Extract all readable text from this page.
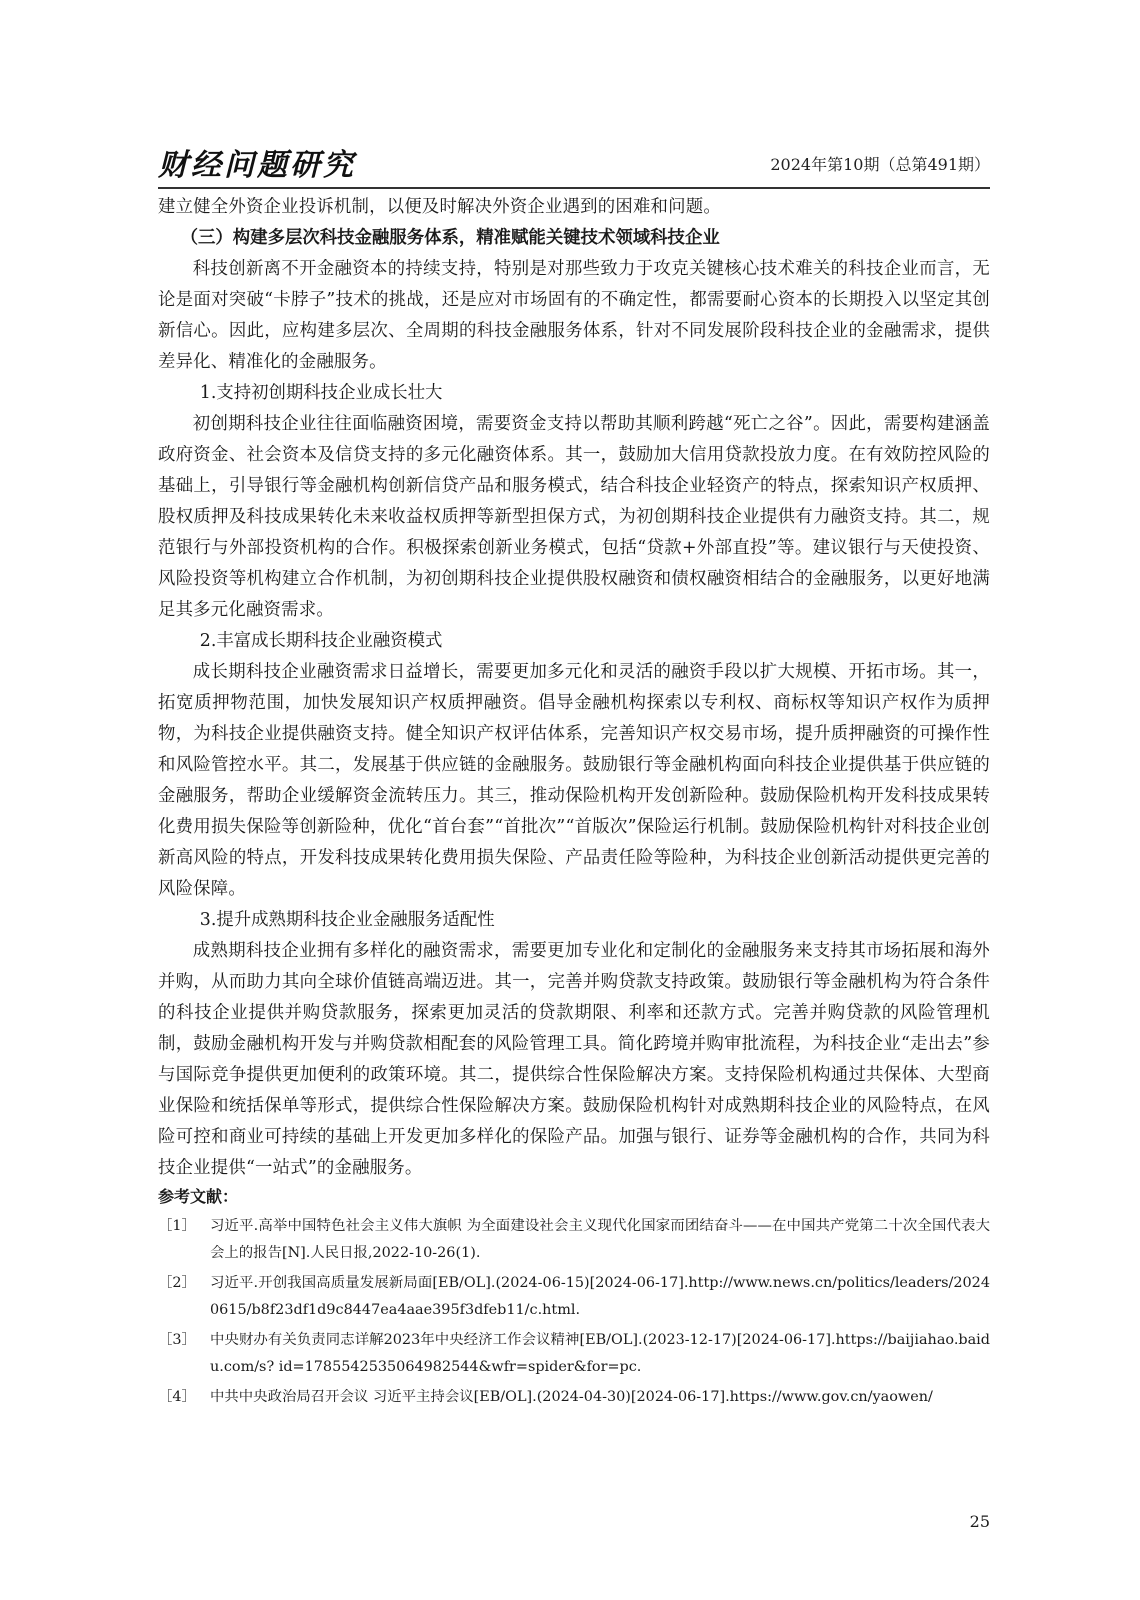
财经问题研究	2024年第10期（总第491期）

建立健全外资企业投诉机制，以便及时解决外资企业遇到的困难和问题。

（三）构建多层次科技金融服务体系，精准赋能关键技术领域科技企业

科技创新离不开金融资本的持续支持，特别是对那些致力于攻克关键核心技术难关的科技企业而言，无论是面对突破“卡脖子”技术的挑战，还是应对市场固有的不确定性，都需要耐心资本的长期投入以坚定其创新信心。因此，应构建多层次、全周期的科技金融服务体系，针对不同发展阶段科技企业的金融需求，提供差异化、精准化的金融服务。

1.支持初创期科技企业成长壮大

初创期科技企业往往面临融资困境，需要资金支持以帮助其顺利跨越“死亡之谷”。因此，需要构建涵盖政府资金、社会资本及信贷支持的多元化融资体系。其一，鼓励加大信用贷款投放力度。在有效防控风险的基础上，引导银行等金融机构创新信贷产品和服务模式，结合科技企业轻资产的特点，探索知识产权质押、股权质押及科技成果转化未来收益权质押等新型担保方式，为初创期科技企业提供有力融资支持。其二，规范银行与外部投资机构的合作。积极探索创新业务模式，包括“贷款+外部直投”等。建议银行与天使投资、风险投资等机构建立合作机制，为初创期科技企业提供股权融资和债权融资相结合的金融服务，以更好地满足其多元化融资需求。

2.丰富成长期科技企业融资模式

成长期科技企业融资需求日益增长，需要更加多元化和灵活的融资手段以扩大规模、开拓市场。其一，拓宽质押物范围，加快发展知识产权质押融资。倡导金融机构探索以专利权、商标权等知识产权作为质押物，为科技企业提供融资支持。健全知识产权评估体系，完善知识产权交易市场，提升质押融资的可操作性和风险管控水平。其二，发展基于供应链的金融服务。鼓励银行等金融机构面向科技企业提供基于供应链的金融服务，帮助企业缓解资金流转压力。其三，推动保险机构开发创新险种。鼓励保险机构开发科技成果转化费用损失保险等创新险种，优化“首台套”“首批次”“首版次”保险运行机制。鼓励保险机构针对科技企业创新高风险的特点，开发科技成果转化费用损失保险、产品责任险等险种，为科技企业创新活动提供更完善的风险保障。

3.提升成熟期科技企业金融服务适配性

成熟期科技企业拥有多样化的融资需求，需要更加专业化和定制化的金融服务来支持其市场拓展和海外并购，从而助力其向全球价值链高端迈进。其一，完善并购贷款支持政策。鼓励银行等金融机构为符合条件的科技企业提供并购贷款服务，探索更加灵活的贷款期限、利率和还款方式。完善并购贷款的风险管理机制，鼓励金融机构开发与并购贷款相配套的风险管理工具。简化跨境并购审批流程，为科技企业“走出去”参与国际竞争提供更加便利的政策环境。其二，提供综合性保险解决方案。支持保险机构通过共保体、大型商业保险和统括保单等形式，提供综合性保险解决方案。鼓励保险机构针对成熟期科技企业的风险特点，在风险可控和商业可持续的基础上开发更加多样化的保险产品。加强与银行、证券等金融机构的合作，共同为科技企业提供“一站式”的金融服务。

参考文献：

［1］ 习近平.高举中国特色社会主义伟大旗帜 为全面建设社会主义现代化国家而团结奋斗——在中国共产党第二十次全国代表大会上的报告[N].人民日报,2022-10-26(1).
［2］ 习近平.开创我国高质量发展新局面[EB/OL].(2024-06-15)[2024-06-17].http://www.news.cn/politics/leaders/20240615/b8f23df1d9c8447ea4aae395f3dfeb11/c.html.
［3］ 中央财办有关负责同志详解2023年中央经济工作会议精神[EB/OL].(2023-12-17)[2024-06-17].https://baijiahao.baidu.com/s? id=1785542535064982544&wfr=spider&for=pc.
［4］ 中共中央政治局召开会议 习近平主持会议[EB/OL].(2024-04-30)[2024-06-17].https://www.gov.cn/yaowen/
25
